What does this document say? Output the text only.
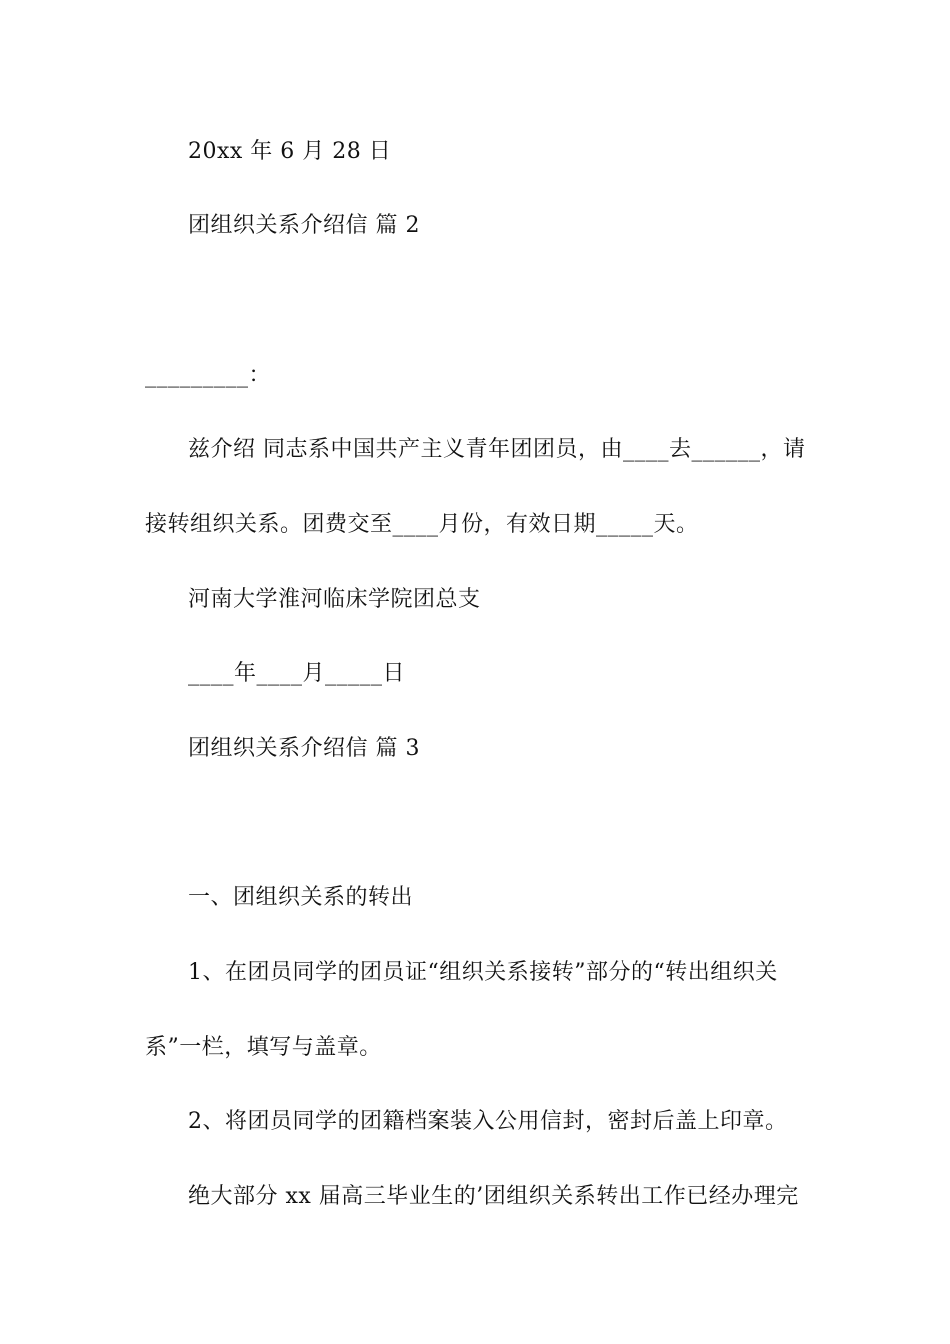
20xx 年 6 月 28 日
团组织关系介绍信 篇 2
_________：
兹介绍 同志系中国共产主义青年团团员，由____去______，请
接转组织关系。团费交至____月份，有效日期_____天。
河南大学淮河临床学院团总支
____年____月_____日
团组织关系介绍信 篇 3
一、团组织关系的转出
1、在团员同学的团员证“组织关系接转”部分的“转出组织关
系”一栏，填写与盖章。
2、将团员同学的团籍档案装入公用信封，密封后盖上印章。
绝大部分 xx 届高三毕业生的’团组织关系转出工作已经办理完
